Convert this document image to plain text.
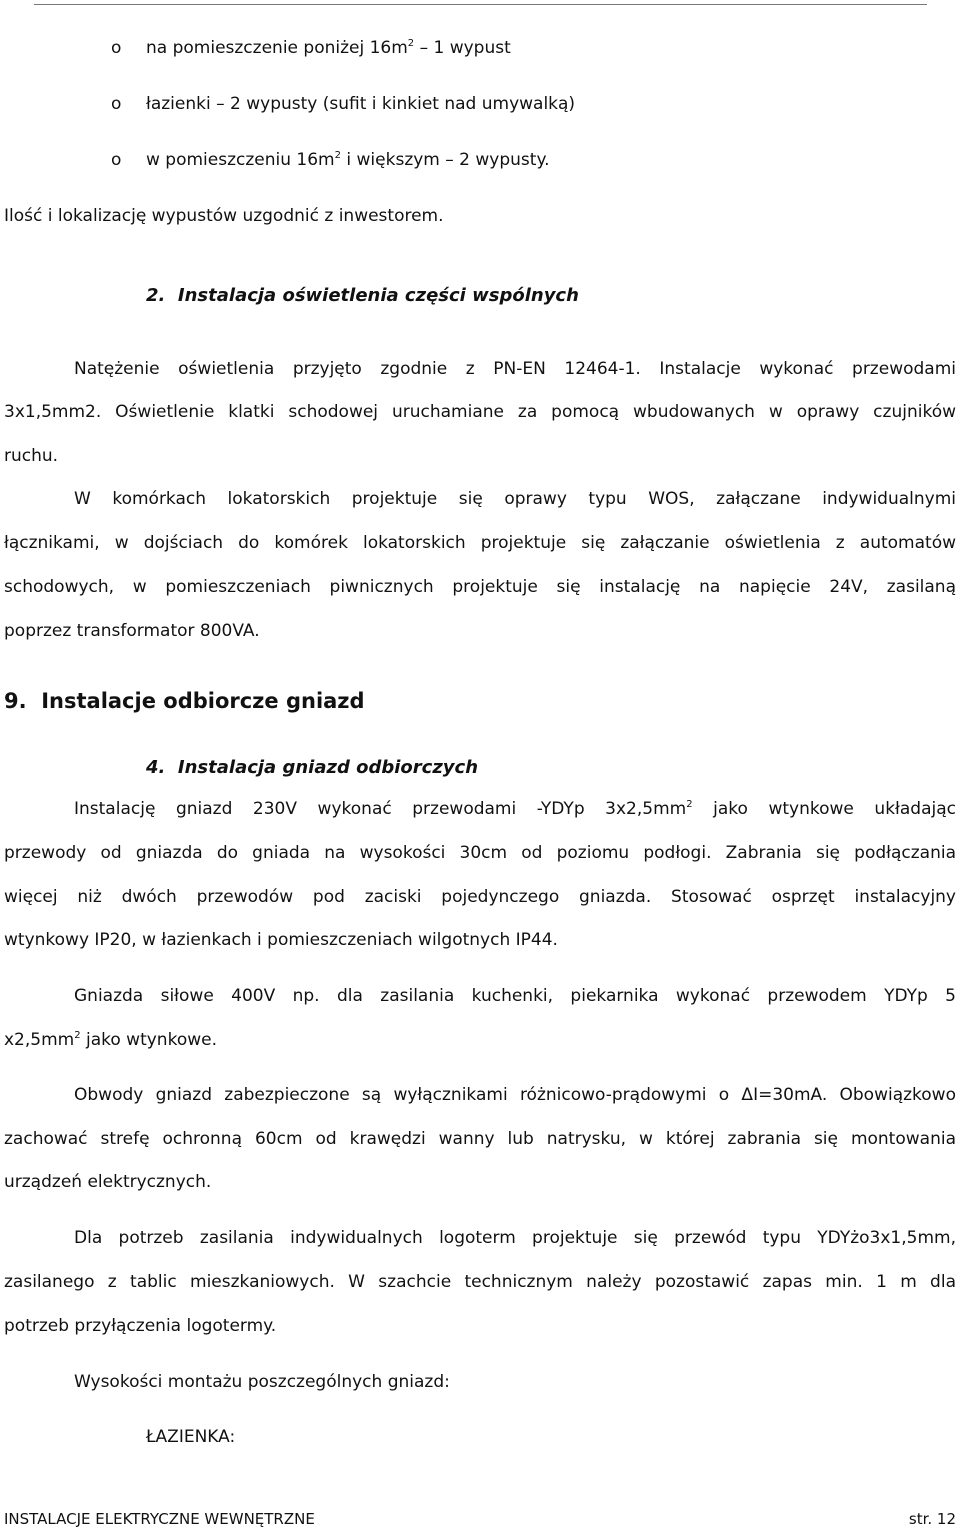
o na pomieszczenie poniżej $16m^2 - 1$ wypust
o łazienki – 2 wypusty (sufit i kinkiet nad umywalką)
o w pomieszczeniu $16m^2$ i większym – 2 wypusty.
Ilość i lokalizację wypustów uzgodnić z inwestorem.
2. Instalacja oświetlenia części wspólnych
Natężenie oświetlenia przyjęto zgodnie z PN-EN 12464-1. Instalacje wykonać przewodami
3x1,5mm2. Oświetlenie klatki schodowej uruchamiane za pomocą wbudowanych w oprawy czujników
ruchu.
W komórkach lokatorskich projektuje się oprawy typu WOS, załączane indywidualnymi
łącznikami, w dojściach do komórek lokatorskich projektuje się załączanie oświetlenia z automatów
schodowych, w pomieszczeniach piwnicznych projektuje się instalację na napięcie 24V, zasilaną
poprzez transformator 800VA.
9. Instalacje odbiorcze gniazd
4. Instalacja gniazd odbiorczych
Instalację gniazd 230V wykonać przewodami -YDYp $3x2,5mm^2$ jako wtynkowe układając
przewody od gniazda do gniada na wysokości 30cm od poziomu podłogi. Zabrania się podłączania
więcej niż dwóch przewodów pod zaciski pojedynczego gniazda. Stosować osprzęt instalacyjny
wtynkowy IP20, w łazienkach i pomieszczeniach wilgotnych IP44.
Gniazda siłowe 400V np. dla zasilania kuchenki, piekarnika wykonać przewodem YDYp 5
$x2,5mm^2$ jako wtynkowe.
Obwody gniazd zabezpieczone są wyłącznikami różnicowo-prądowymi o ΔI=30mA. Obowiązkowo
zachować strefę ochronną 60cm od krawędzi wanny lub natrysku, w której zabrania się montowania
urządzeń elektrycznych.
Dla potrzeb zasilania indywidualnych logoterm projektuje się przewód typu YDYżo3x1,5mm,
zasilanego z tablic mieszkaniowych. W szachcie technicznym należy pozostawić zapas min. 1 m dla
potrzeb przyłączenia logotermy.
Wysokości montażu poszczególnych gniazd:
ŁAZIENKA:
INSTALACJE ELEKTRYCZNE WEWNĘTRZNE	str. 12
